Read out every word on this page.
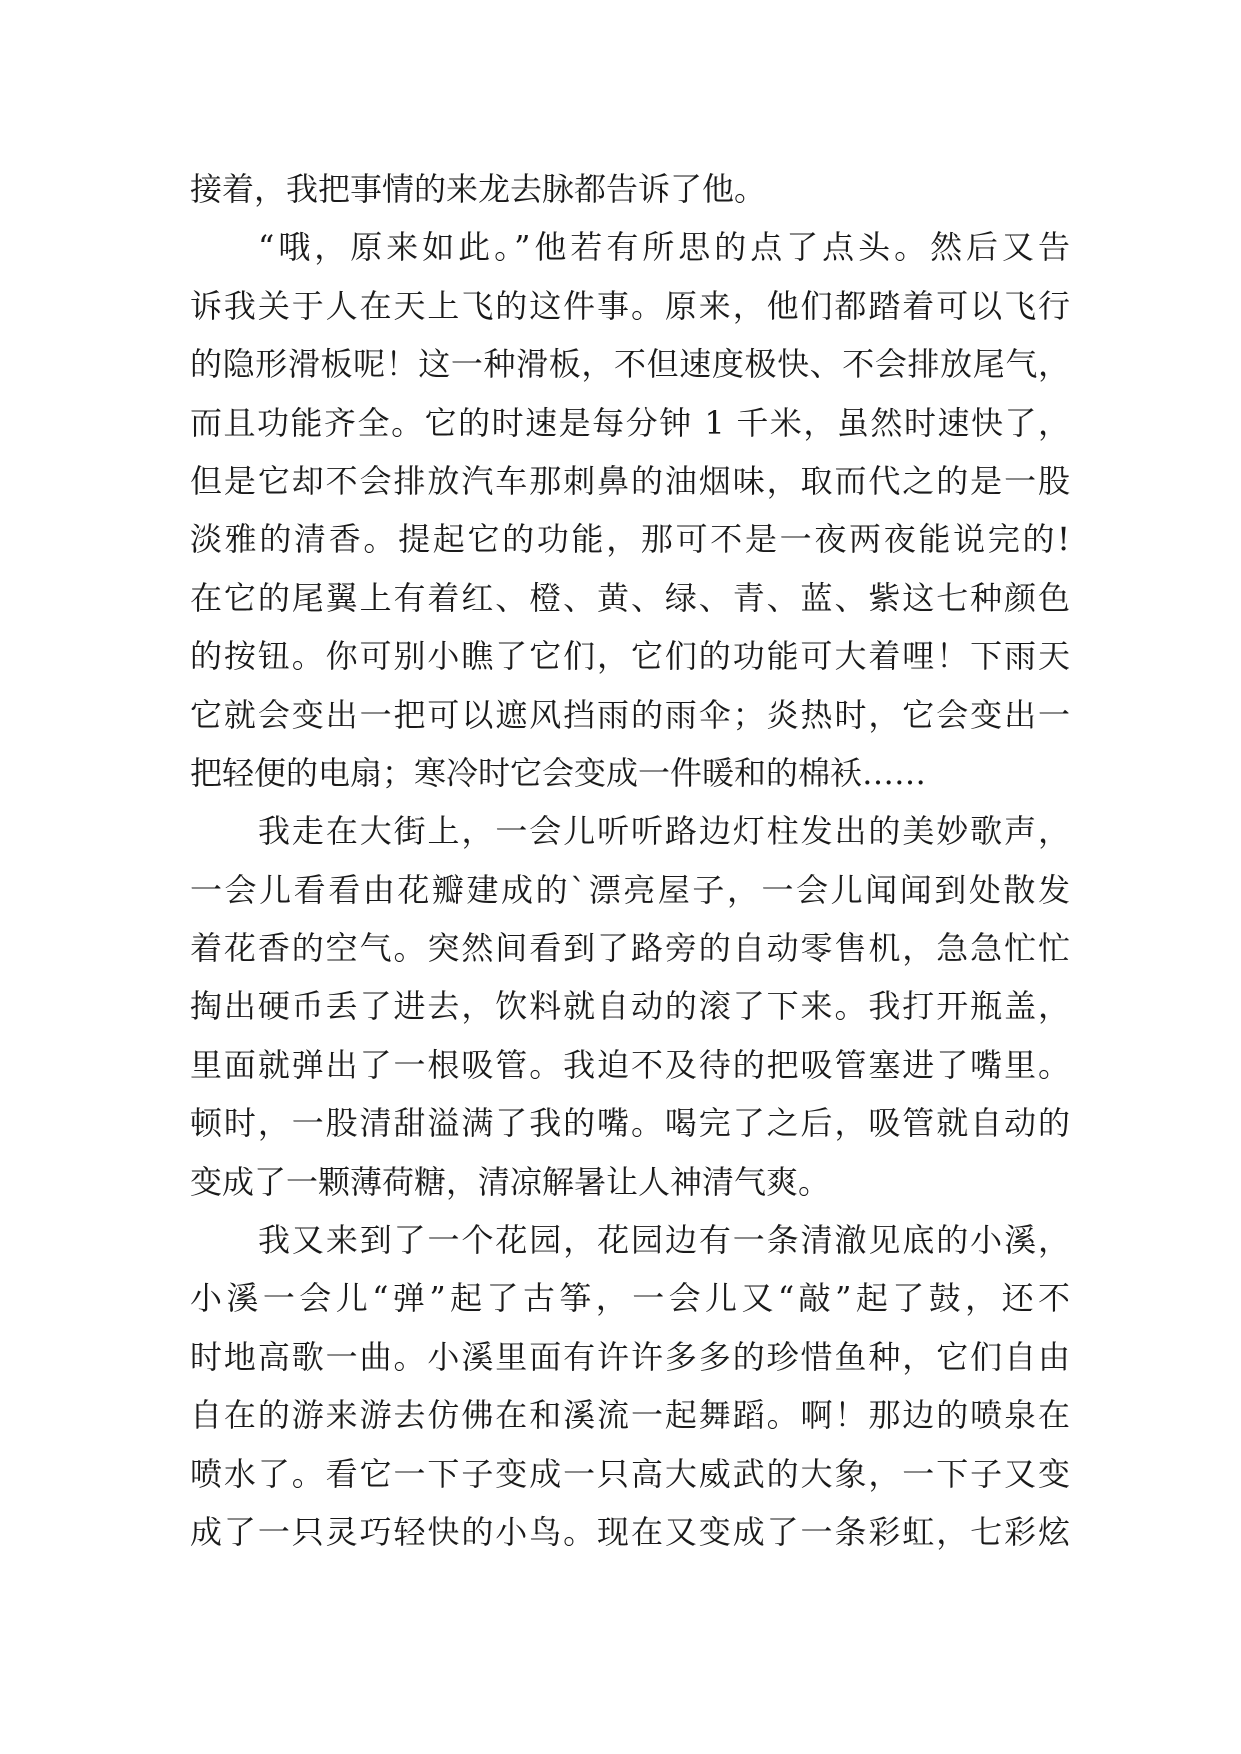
接着，我把事情的来龙去脉都告诉了他。
“哦，原来如此。”他若有所思的点了点头。然后又告
诉我关于人在天上飞的这件事。原来，他们都踏着可以飞行
的隐形滑板呢！这一种滑板，不但速度极快、不会排放尾气，
而且功能齐全。它的时速是每分钟 1 千米，虽然时速快了，
但是它却不会排放汽车那刺鼻的油烟味，取而代之的是一股
淡雅的清香。提起它的功能，那可不是一夜两夜能说完的!
在它的尾翼上有着红、橙、黄、绿、青、蓝、紫这七种颜色
的按钮。你可别小瞧了它们，它们的功能可大着哩！下雨天
它就会变出一把可以遮风挡雨的雨伞；炎热时，它会变出一
把轻便的电扇；寒冷时它会变成一件暖和的棉袄……
我走在大街上，一会儿听听路边灯柱发出的美妙歌声，
一会儿看看由花瓣建成的`漂亮屋子，一会儿闻闻到处散发
着花香的空气。突然间看到了路旁的自动零售机，急急忙忙
掏出硬币丢了进去，饮料就自动的滚了下来。我打开瓶盖，
里面就弹出了一根吸管。我迫不及待的把吸管塞进了嘴里。
顿时，一股清甜溢满了我的嘴。喝完了之后，吸管就自动的
变成了一颗薄荷糖，清凉解暑让人神清气爽。
我又来到了一个花园，花园边有一条清澈见底的小溪，
小溪一会儿“弹”起了古筝，一会儿又“敲”起了鼓，还不
时地高歌一曲。小溪里面有许许多多的珍惜鱼种，它们自由
自在的游来游去仿佛在和溪流一起舞蹈。啊！那边的喷泉在
喷水了。看它一下子变成一只高大威武的大象，一下子又变
成了一只灵巧轻快的小鸟。现在又变成了一条彩虹，七彩炫
